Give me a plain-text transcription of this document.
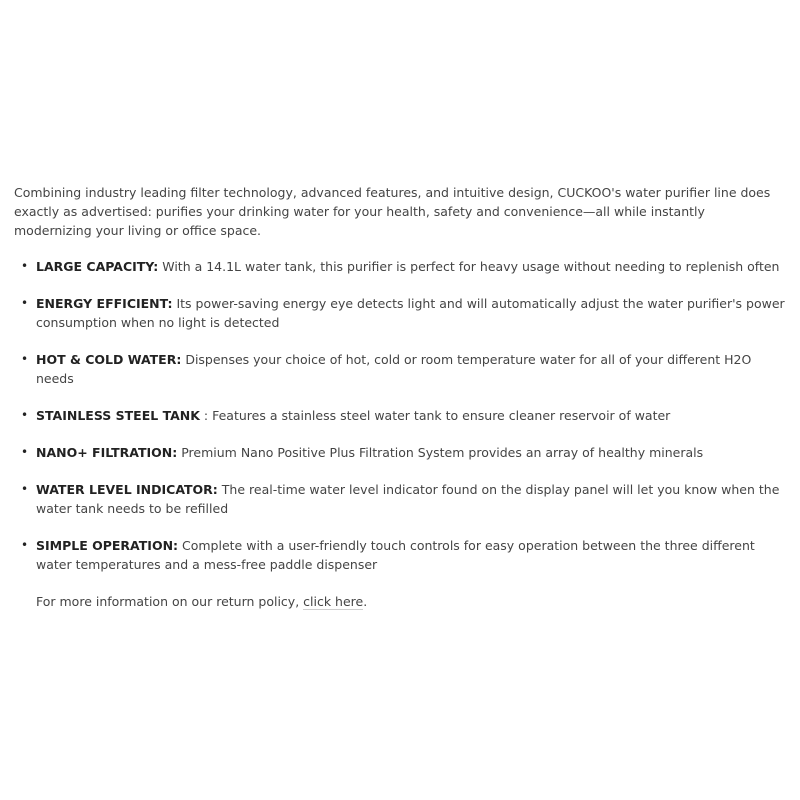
Combining industry leading filter technology, advanced features, and intuitive design, CUCKOO's water purifier line does exactly as advertised: purifies your drinking water for your health, safety and convenience—all while instantly modernizing your living or office space.

• LARGE CAPACITY: With a 14.1L water tank, this purifier is perfect for heavy usage without needing to replenish often
• ENERGY EFFICIENT: Its power-saving energy eye detects light and will automatically adjust the water purifier's power consumption when no light is detected
• HOT & COLD WATER: Dispenses your choice of hot, cold or room temperature water for all of your different H2O needs
• STAINLESS STEEL TANK : Features a stainless steel water tank to ensure cleaner reservoir of water
• NANO+ FILTRATION: Premium Nano Positive Plus Filtration System provides an array of healthy minerals
• WATER LEVEL INDICATOR: The real-time water level indicator found on the display panel will let you know when the water tank needs to be refilled
• SIMPLE OPERATION: Complete with a user-friendly touch controls for easy operation between the three different water temperatures and a mess-free paddle dispenser

For more information on our return policy, click here.
